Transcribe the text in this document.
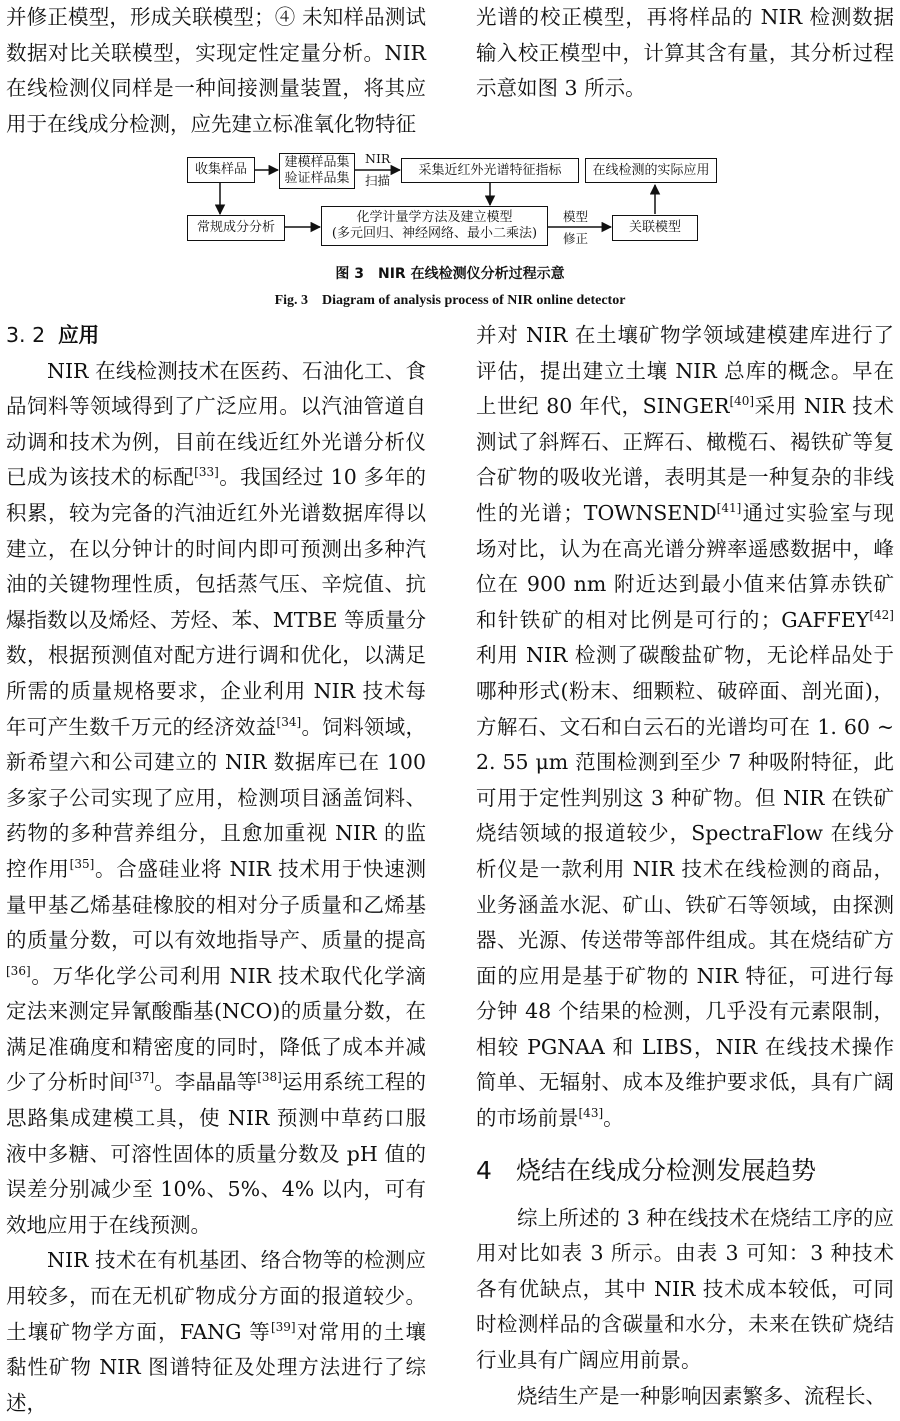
并修正模型，形成关联模型；④ 未知样品测试数据对比关联模型，实现定性定量分析。NIR在线检测仪同样是一种间接测量装置，将其应用于在线成分检测，应先建立标准氧化物特征

光谱的校正模型，再将样品的 NIR 检测数据输入校正模型中，计算其含有量，其分析过程示意如图 3 所示。

收集样品	建模样品集
验证样品集
NIR
扫描
采集近红外光谱特征指标 在线检测的实际应用
常规成分分析
化学计量学方法及建立模型
(多元回归、神经网络、最小二乘法)
模型
修正
关联模型
图 3　NIR 在线检测仪分析过程示意
Fig. 3　Diagram of analysis process of NIR online detector

3. 2 应用

NIR 在线检测技术在医药、石油化工、食品饲料等领域得到了广泛应用。以汽油管道自动调和技术为例，目前在线近红外光谱分析仪已成为该技术的标配[33]。我国经过 10 多年的积累，较为完备的汽油近红外光谱数据库得以建立，在以分钟计的时间内即可预测出多种汽油的关键物理性质，包括蒸气压、辛烷值、抗爆指数以及烯烃、芳烃、苯、MTBE 等质量分数，根据预测值对配方进行调和优化，以满足所需的质量规格要求，企业利用 NIR 技术每年可产生数千万元的经济效益[34]。饲料领域，新希望六和公司建立的 NIR 数据库已在 100 多家子公司实现了应用，检测项目涵盖饲料、药物的多种营养组分，且愈加重视 NIR 的监控作用[35]。合盛硅业将 NIR 技术用于快速测量甲基乙烯基硅橡胶的相对分子质量和乙烯基的质量分数，可以有效地指导产、质量的提高[36]。万华化学公司利用 NIR 技术取代化学滴定法来测定异氰酸酯基(NCO)的质量分数，在满足准确度和精密度的同时，降低了成本并减少了分析时间[37]。李晶晶等[38]运用系统工程的思路集成建模工具，使 NIR 预测中草药口服液中多糖、可溶性固体的质量分数及 pH 值的误差分别减少至 10%、5%、4% 以内，可有效地应用于在线预测。

NIR 技术在有机基团、络合物等的检测应用较多，而在无机矿物成分方面的报道较少。土壤矿物学方面，FANG 等[39]对常用的土壤黏性矿物 NIR 图谱特征及处理方法进行了综述，

并对 NIR 在土壤矿物学领域建模建库进行了评估，提出建立土壤 NIR 总库的概念。早在上世纪 80 年代，SINGER[40]采用 NIR 技术测试了斜辉石、正辉石、橄榄石、褐铁矿等复合矿物的吸收光谱，表明其是一种复杂的非线性的光谱；TOWNSEND[41]通过实验室与现场对比，认为在高光谱分辨率遥感数据中，峰位在 900 nm 附近达到最小值来估算赤铁矿和针铁矿的相对比例是可行的；GAFFEY[42]利用 NIR 检测了碳酸盐矿物，无论样品处于哪种形式(粉末、细颗粒、破碎面、剖光面)，方解石、文石和白云石的光谱均可在 1. 60 ~ 2. 55 μm 范围检测到至少 7 种吸附特征，此可用于定性判别这 3 种矿物。但 NIR 在铁矿烧结领域的报道较少，SpectraFlow 在线分析仪是一款利用 NIR 技术在线检测的商品，业务涵盖水泥、矿山、铁矿石等领域，由探测器、光源、传送带等部件组成。其在烧结矿方面的应用是基于矿物的 NIR 特征，可进行每分钟 48 个结果的检测，几乎没有元素限制，相较 PGNAA 和 LIBS，NIR 在线技术操作简单、无辐射、成本及维护要求低，具有广阔的市场前景[43]。

4 烧结在线成分检测发展趋势

综上所述的 3 种在线技术在烧结工序的应用对比如表 3 所示。由表 3 可知：3 种技术各有优缺点，其中 NIR 技术成本较低，可同时检测样品的含碳量和水分，未来在铁矿烧结行业具有广阔应用前景。

烧结生产是一种影响因素繁多、流程长、
